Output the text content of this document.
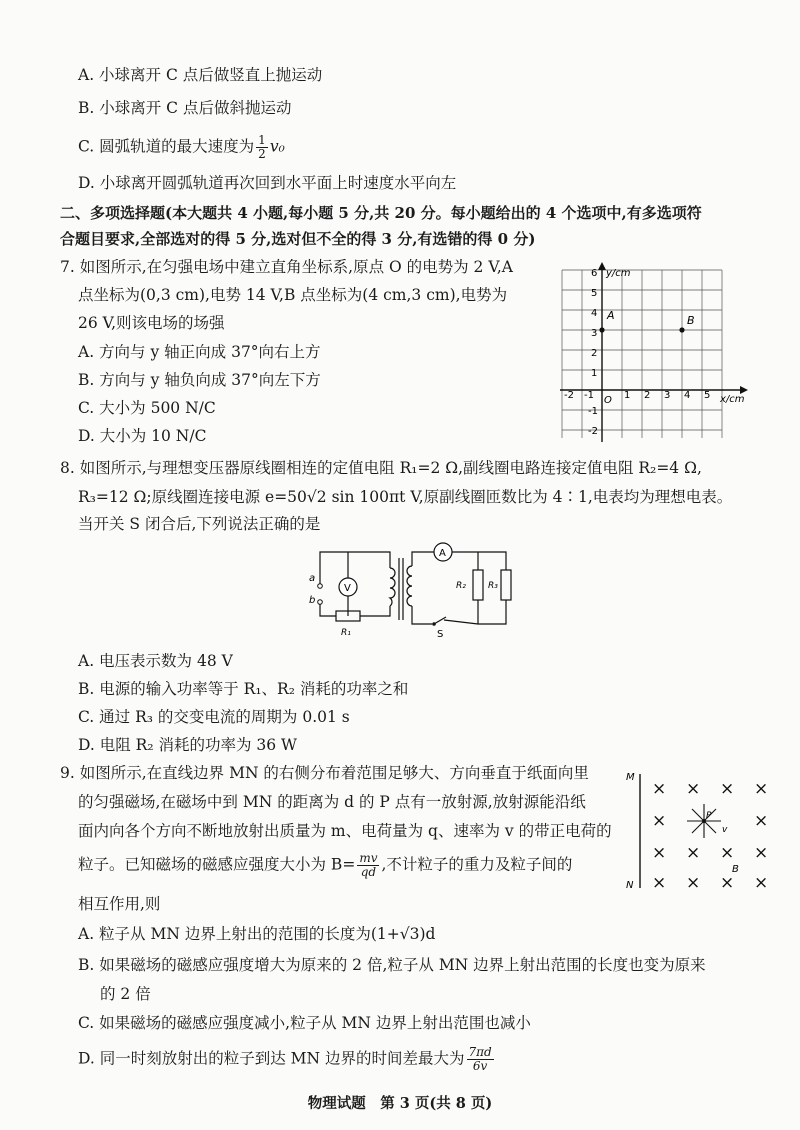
A. 小球离开 C 点后做竖直上抛运动
B. 小球离开 C 点后做斜抛运动
C. 圆弧轨道的最大速度为 $\frac{1}{2} v_0$
D. 小球离开圆弧轨道再次回到水平面上时速度水平向左
二、多项选择题(本大题共 4 小题,每小题 5 分,共 20 分。每小题给出的 4 个选项中,有多选项符
合题目要求,全部选对的得 5 分,选对但不全的得 3 分,有选错的得 0 分)
7. 如图所示,在匀强电场中建立直角坐标系,原点 O 的电势为 2 V,A
点坐标为(0,3 cm),电势 14 V,B 点坐标为(4 cm,3 cm),电势为
26 V,则该电场的场强
A. 方向与 y 轴正向成 37°向右上方
B. 方向与 y 轴负向成 37°向左下方
C. 大小为 500 N/C
D. 大小为 10 N/C
y/cm
x/cm
O
6
5
4
3
2
1
-1
-2
-2 -1	1 2 3 4 5
A	B
8. 如图所示,与理想变压器原线圈相连的定值电阻 R₁=2 Ω,副线圈电路连接定值电阻 R₂=4 Ω,
R₃=12 Ω;原线圈连接电源 e=50√2 sin 100πt V,原副线圈匝数比为 4∶1,电表均为理想电表。
当开关 S 闭合后,下列说法正确的是
a
b
V
A
R₁
R₂ R₃
S
A. 电压表示数为 48 V
B. 电源的输入功率等于 R₁、R₂ 消耗的功率之和
C. 通过 R₃ 的交变电流的周期为 0.01 s
D. 电阻 R₂ 消耗的功率为 36 W
9. 如图所示,在直线边界 MN 的右侧分布着范围足够大、方向垂直于纸面向里
的匀强磁场,在磁场中到 MN 的距离为 d 的 P 点有一放射源,放射源能沿纸
面内向各个方向不断地放射出质量为 m、电荷量为 q、速率为 v 的带正电荷的
粒子。已知磁场的磁感应强度大小为 $B= \frac{mv}{qd}$ ,不计粒子的重力及粒子间的
相互作用,则
M
N
× × × ×
×	×
× × × ×
× × × ×
P
v
B
A. 粒子从 MN 边界上射出的范围的长度为(1+√3)d
B. 如果磁场的磁感应强度增大为原来的 2 倍,粒子从 MN 边界上射出范围的长度也变为原来
的 2 倍
C. 如果磁场的磁感应强度减小,粒子从 MN 边界上射出范围也减小
D. 同一时刻放射出的粒子到达 MN 边界的时间差最大为 $\frac{7\pi d}{6v}$
物理试题　第 3 页(共 8 页)
